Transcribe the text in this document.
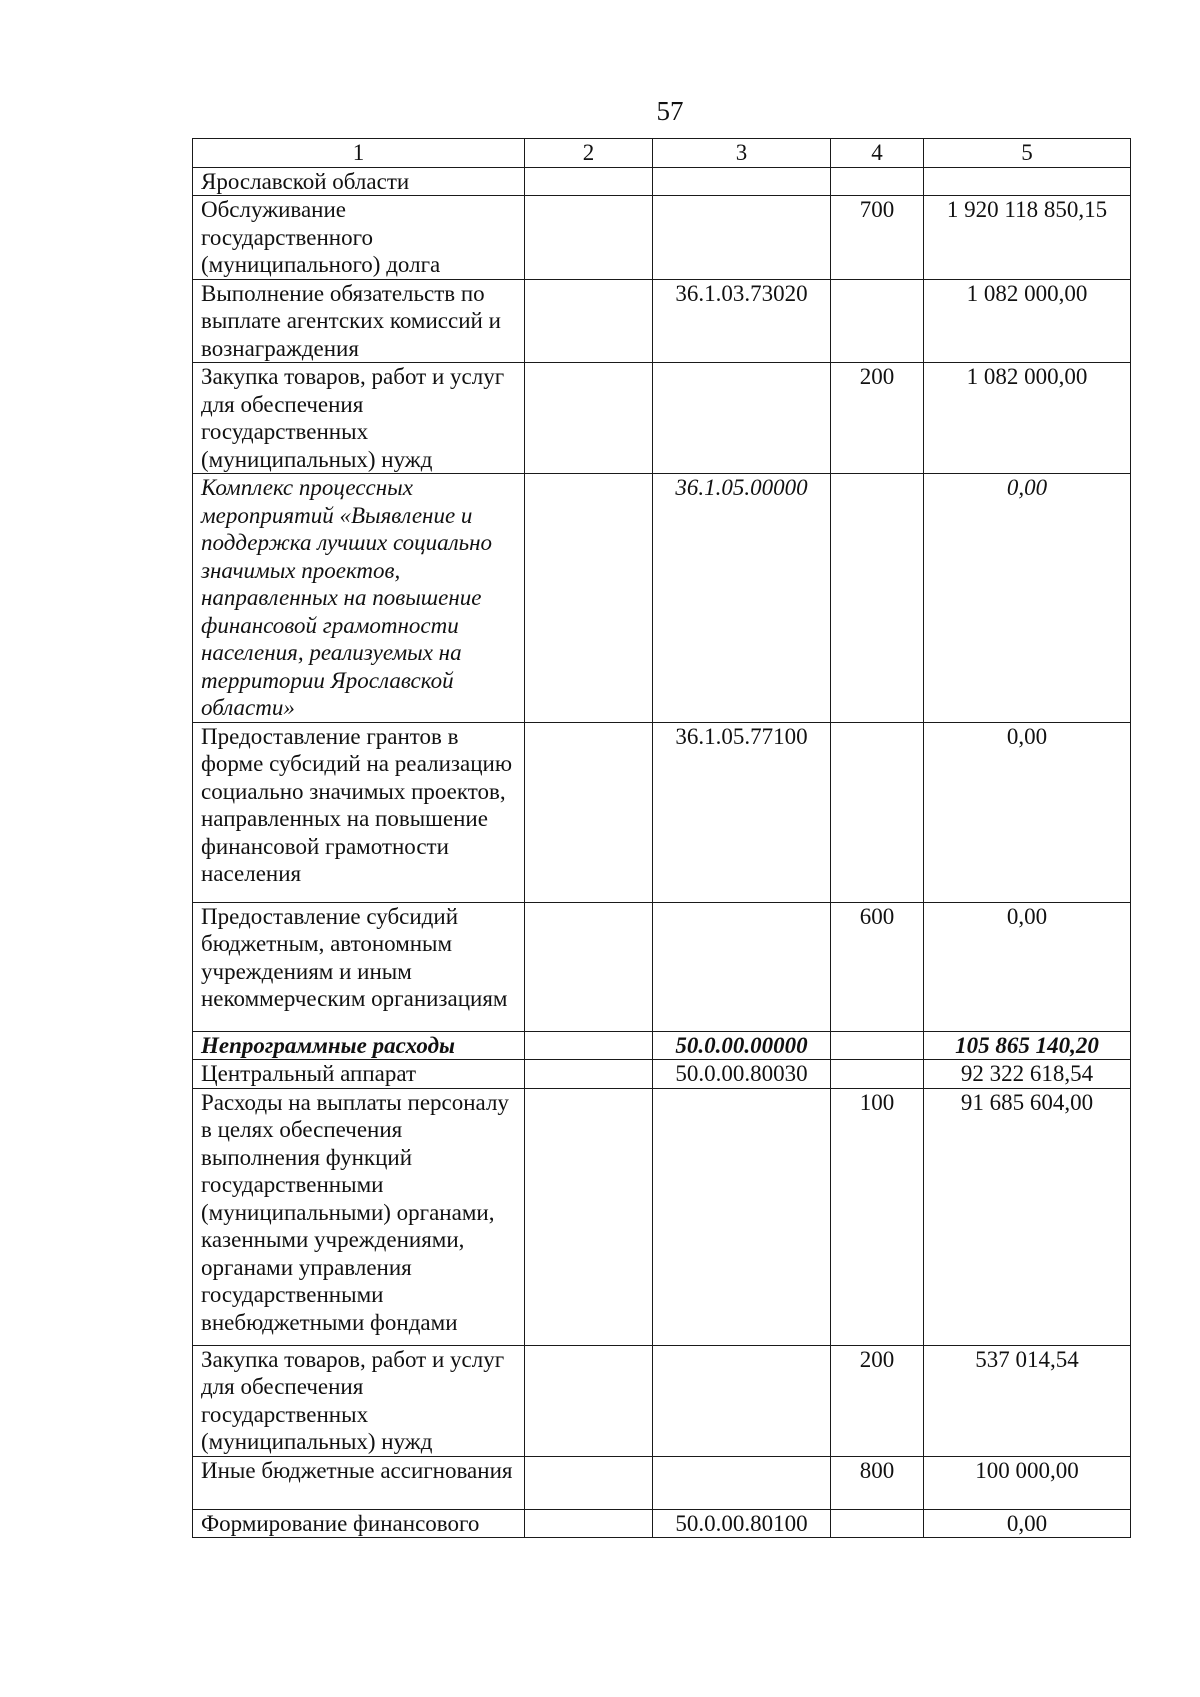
57
1	2	3	4	5
Ярославской области				
Обслуживание государственного (муниципального) долга			700	1 920 118 850,15
Выполнение обязательств по выплате агентских комиссий и вознаграждения		36.1.03.73020		1 082 000,00
Закупка товаров, работ и услуг для обеспечения государственных (муниципальных) нужд			200	1 082 000,00
Комплекс процессных мероприятий «Выявление и поддержка лучших социально значимых проектов, направленных на повышение финансовой грамотности населения, реализуемых на территории Ярославской области»		36.1.05.00000		0,00
Предоставление грантов в форме субсидий на реализацию социально значимых проектов, направленных на повышение финансовой грамотности населения		36.1.05.77100		0,00
Предоставление субсидий бюджетным, автономным учреждениям и иным некоммерческим организациям			600	0,00
Непрограммные расходы		50.0.00.00000		105 865 140,20
Центральный аппарат		50.0.00.80030		92 322 618,54
Расходы на выплаты персоналу в целях обеспечения выполнения функций государственными (муниципальными) органами, казенными учреждениями, органами управления государственными внебюджетными фондами			100	91 685 604,00
Закупка товаров, работ и услуг для обеспечения государственных (муниципальных) нужд			200	537 014,54
Иные бюджетные ассигнования			800	100 000,00
Формирование финансового		50.0.00.80100		0,00
